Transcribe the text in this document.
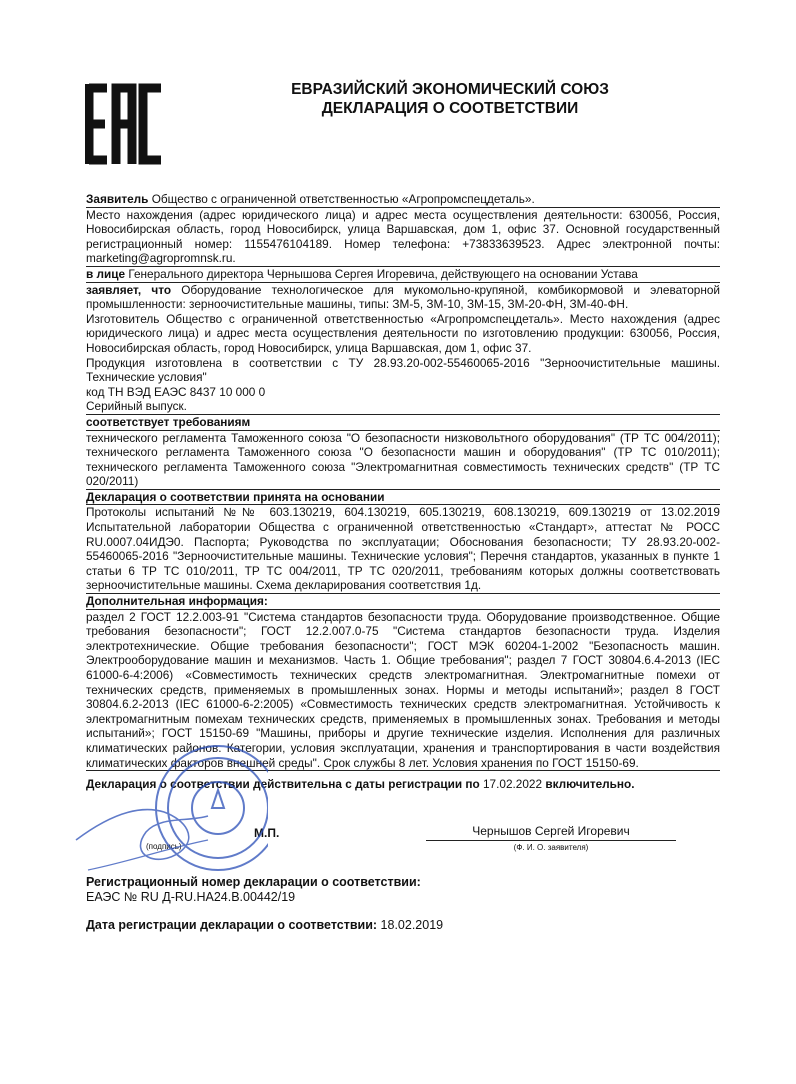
ЕВРАЗИЙСКИЙ ЭКОНОМИЧЕСКИЙ СОЮЗ
ДЕКЛАРАЦИЯ О СООТВЕТСТВИИ
Заявитель Общество с ограниченной ответственностью «Агропромспецдеталь».
Место нахождения (адрес юридического лица) и адрес места осуществления деятельности: 630056, Россия, Новосибирская область, город Новосибирск, улица Варшавская, дом 1, офис 37. Основной государственный регистрационный номер: 1155476104189. Номер телефона: +73833639523. Адрес электронной почты: marketing@agropromnsk.ru.
в лице Генерального директора Чернышова Сергея Игоревича, действующего на основании Устава
заявляет, что Оборудование технологическое для мукомольно-крупяной, комбикормовой и элеваторной промышленности: зерноочистительные машины, типы: ЗМ-5, ЗМ-10, ЗМ-15, ЗМ-20-ФН, ЗМ-40-ФН.
Изготовитель Общество с ограниченной ответственностью «Агропромспецдеталь». Место нахождения (адрес юридического лица) и адрес места осуществления деятельности по изготовлению продукции: 630056, Россия, Новосибирская область, город Новосибирск, улица Варшавская, дом 1, офис 37.
Продукция изготовлена в соответствии с ТУ 28.93.20-002-55460065-2016 "Зерноочистительные машины. Технические условия"
код ТН ВЭД ЕАЭС 8437 10 000 0
Серийный выпуск.
соответствует требованиям
технического регламента Таможенного союза "О безопасности низковольтного оборудования" (ТР ТС 004/2011); технического регламента Таможенного союза "О безопасности машин и оборудования" (ТР ТС 010/2011); технического регламента Таможенного союза "Электромагнитная совместимость технических средств" (ТР ТС 020/2011)
Декларация о соответствии принята на основании
Протоколы испытаний №№ 603.130219, 604.130219, 605.130219, 608.130219, 609.130219 от 13.02.2019 Испытательной лаборатории Общества с ограниченной ответственностью «Стандарт», аттестат № РОСС RU.0007.04ИДЭ0. Паспорта; Руководства по эксплуатации; Обоснования безопасности; ТУ 28.93.20-002-55460065-2016 "Зерноочистительные машины. Технические условия"; Перечня стандартов, указанных в пункте 1 статьи 6 ТР ТС 010/2011, ТР ТС 004/2011, ТР ТС 020/2011, требованиям которых должны соответствовать зерноочистительные машины. Схема декларирования соответствия 1д.
Дополнительная информация:
раздел 2 ГОСТ 12.2.003-91 "Система стандартов безопасности труда. Оборудование производственное. Общие требования безопасности"; ГОСТ 12.2.007.0-75 "Система стандартов безопасности труда. Изделия электротехнические. Общие требования безопасности"; ГОСТ МЭК 60204-1-2002 "Безопасность машин. Электрооборудование машин и механизмов. Часть 1. Общие требования"; раздел 7 ГОСТ 30804.6.4-2013 (IEC 61000-6-4:2006) «Совместимость технических средств электромагнитная. Электромагнитные помехи от технических средств, применяемых в промышленных зонах. Нормы и методы испытаний»; раздел 8 ГОСТ 30804.6.2-2013 (IEC 61000-6-2:2005) «Совместимость технических средств электромагнитная. Устойчивость к электромагнитным помехам технических средств, применяемых в промышленных зонах. Требования и методы испытаний»; ГОСТ 15150-69 "Машины, приборы и другие технические изделия. Исполнения для различных климатических районов. Категории, условия эксплуатации, хранения и транспортирования в части воздействия климатических факторов внешней среды". Срок службы 8 лет. Условия хранения по ГОСТ 15150-69.
Декларация о соответствии действительна с даты регистрации по 17.02.2022 включительно.
(подпись)
М.П.	Чернышов Сергей Игоревич
(Ф. И. О. заявителя)
Регистрационный номер декларации о соответствии:
ЕАЭС № RU Д-RU.НА24.В.00442/19
Дата регистрации декларации о соответствии: 18.02.2019
